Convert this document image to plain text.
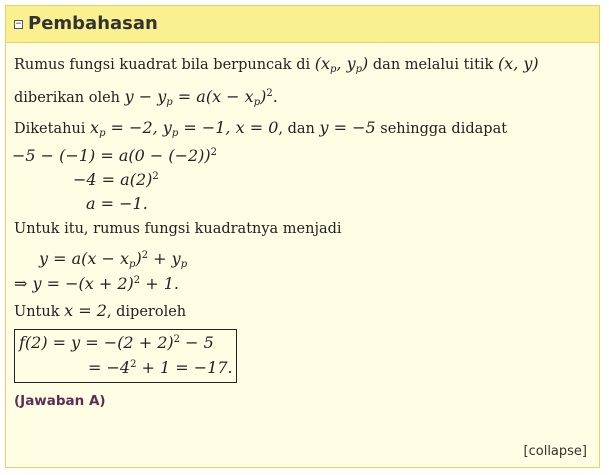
− Pembahasan
Rumus fungsi kuadrat bila berpuncak di ($x_p$, $y_p$) dan melalui titik (x, y)
diberikan oleh $y - y_p = a(x - x_p)^2$.
Diketahui $x_p = -2$, $y_p = -1$, x = 0, dan y = −5 sehingga didapat
$-5 - (-1) = a(0 - (-2))^2$
$-4 = a(2)^2$
a = −1.
Untuk itu, rumus fungsi kuadratnya menjadi
$y = a(x - x_p)^2 + y_p$
⇒ $y = -(x + 2)^2 + 1$.
Untuk x = 2, diperoleh
$f(2) = y = -(2 + 2)^2 - 5$
= $-4^2 + 1 = -17$.
(Jawaban A)
[collapse]
